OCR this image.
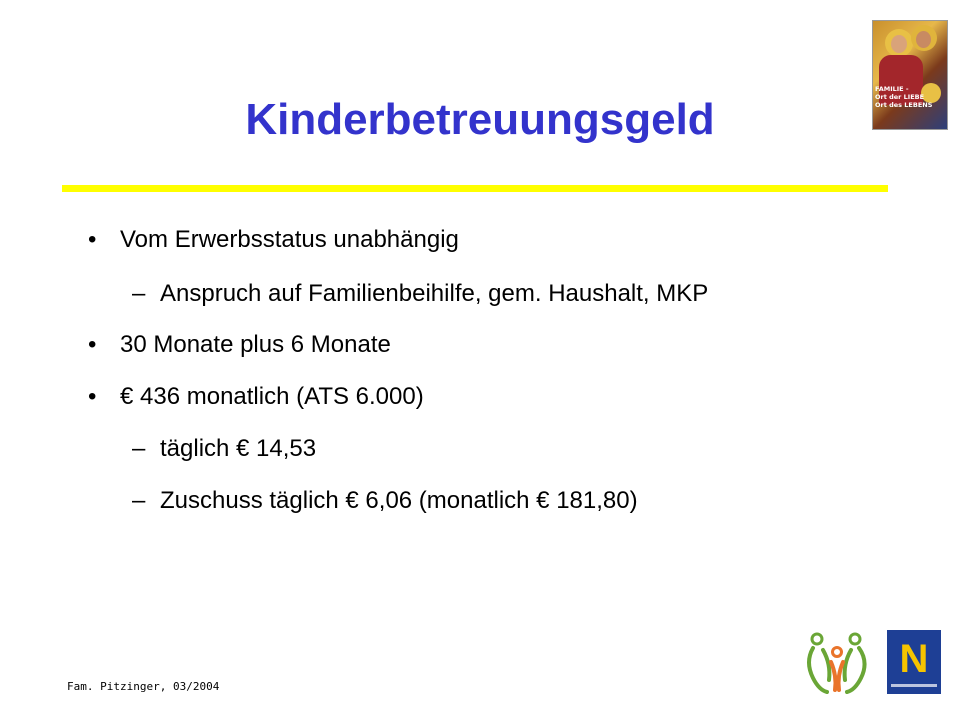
FAMILIE -
Ort der LIEBE
Ort des LEBENS
Kinderbetreuungsgeld
• Vom Erwerbsstatus unabhängig
– Anspruch auf Familienbeihilfe, gem. Haushalt, MKP
• 30 Monate plus 6 Monate
• € 436 monatlich (ATS 6.000)
– täglich € 14,53
– Zuschuss täglich € 6,06 (monatlich € 181,80)
Fam. Pitzinger, 03/2004
N
